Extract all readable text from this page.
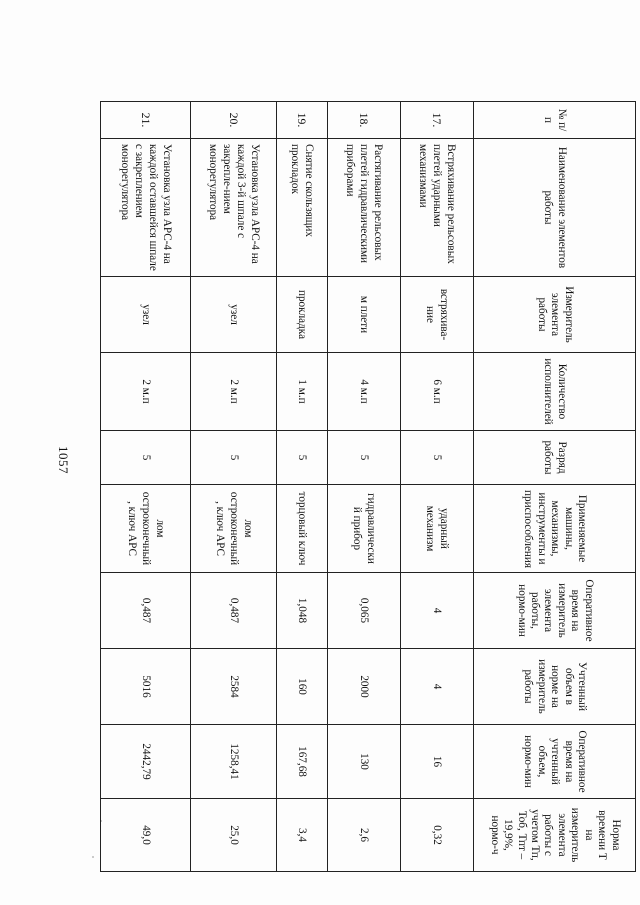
1057
№ п/п	Наименование элементов работы	Измеритель элемента работы	Количество исполнителей	Разряд работы	Применяемые машины, механизмы, инструменты и приспособления	Оперативное время на измеритель элемента работы, нормо-мин	Учтенный объем в норме на измеритель работы	Оперативное время на учтенный объем, нормо-мин	Норма времени Т на измеритель элемента работы с учетом Тп, Тоб, Тпт – 19,9%, нормо-ч
17.	Встряхивание рельсовых плетей ударными механизмами	встряхива-ние	6 м.п	5	ударный механизм	4	4	16	0,32
18.	Растягивание рельсовых плетей гидравлическими приборами	м плети	4 м.п	5	гидравлически й прибор	0,065	2000	130	2,6
19.	Снятие скользящих прокладок	прокладка	1 м.п	5	торцовый ключ	1,048	160	167,68	3,4
20.	Установка узла АРС-4 на каждой 3-й шпале с закрепле-нием монорегулятора	узел	2 м.п	5	лом остроконечный , ключ АРС	0,487	2584	1258,41	25,0
21.	Установка узла АРС-4 на каждой оставшейся шпале с закреплением монорегулятора	узел	2 м.п	5	лом остроконечный , ключ АРС	0,487	5016	2442,79	49,0
